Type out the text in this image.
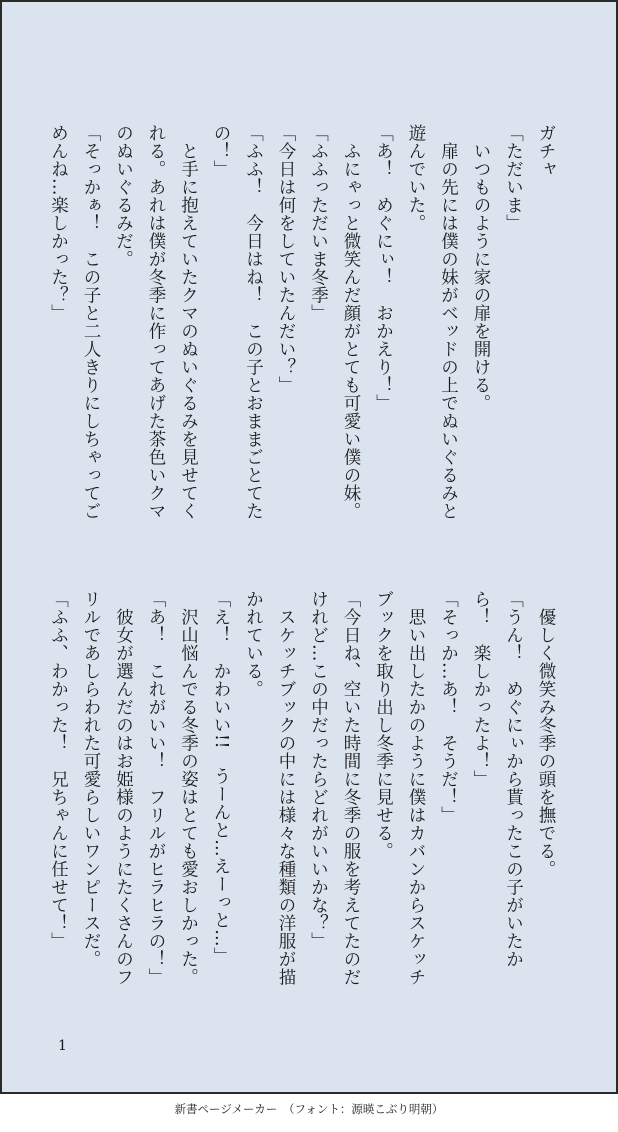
ガチャ

「ただいま」

　いつものように家の扉を開ける。

　扉の先には僕の妹がベッドの上でぬいぐるみと

遊んでいた。

「あ！　めぐにぃ！　おかえり！」

　ふにゃっと微笑んだ顔がとても可愛い僕の妹。

「ふふっただいま冬季」

「今日は何をしていたんだい？」

「ふふ！　今日はね！　この子とおままごとてた

の！」

　と手に抱えていたクマのぬいぐるみを見せてく

れる。あれは僕が冬季に作ってあげた茶色いクマ

のぬいぐるみだ。

「そっかぁ！　この子と二人きりにしちゃってご

めんね…楽しかった？」

　優しく微笑み冬季の頭を撫でる。

「うん！　めぐにぃから貰ったこの子がいたか

ら！　楽しかったよ！」

「そっか…あ！　そうだ！」

　思い出したかのように僕はカバンからスケッチ

ブックを取り出し冬季に見せる。

「今日ね、空いた時間に冬季の服を考えてたのだ

けれど…この中だったらどれがいいかな？」

　スケッチブックの中には様々な種類の洋服が描

かれている。

「え！　かわいい!!　うーんと…えーっと…」

　沢山悩んでる冬季の姿はとても愛おしかった。

「あ！　これがいい！　フリルがヒラヒラの！」

　彼女が選んだのはお姫様のようにたくさんのフ

リルであしらわれた可愛らしいワンピースだ。

「ふふ、わかった！　兄ちゃんに任せて！」

1
新書ページメーカー　（フォント：源暎こぶり明朝）
